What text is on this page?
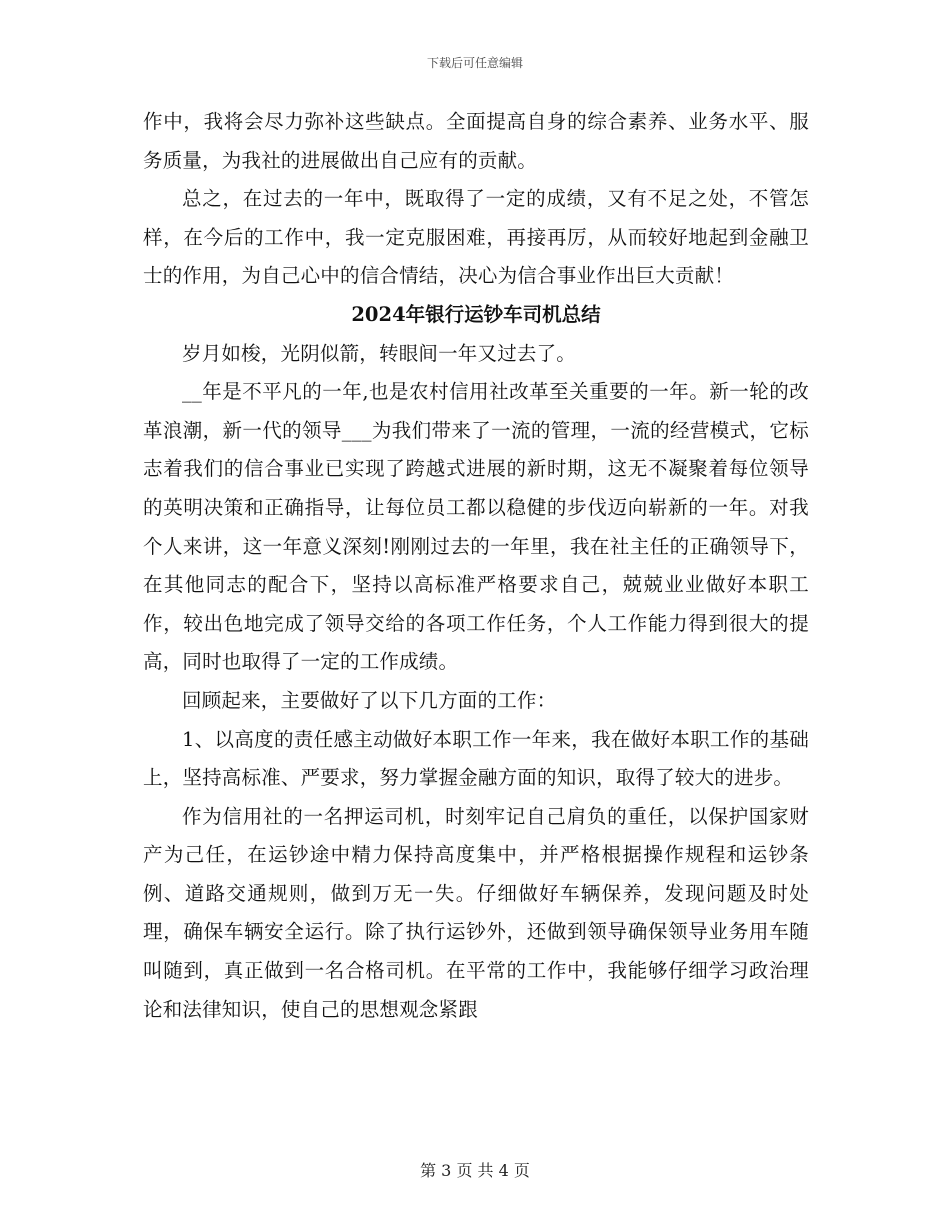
下载后可任意编辑

作中，我将会尽力弥补这些缺点。全面提高自身的综合素养、业务水平、服务质量，为我社的进展做出自己应有的贡献。

总之，在过去的一年中，既取得了一定的成绩，又有不足之处，不管怎样，在今后的工作中，我一定克服困难，再接再厉，从而较好地起到金融卫士的作用，为自己心中的信合情结，决心为信合事业作出巨大贡献！

2024年银行运钞车司机总结

岁月如梭，光阴似箭，转眼间一年又过去了。

__年是不平凡的一年,也是农村信用社改革至关重要的一年。新一轮的改革浪潮，新一代的领导___为我们带来了一流的管理，一流的经营模式，它标志着我们的信合事业已实现了跨越式进展的新时期，这无不凝聚着每位领导的英明决策和正确指导，让每位员工都以稳健的步伐迈向崭新的一年。对我个人来讲，这一年意义深刻!刚刚过去的一年里，我在社主任的正确领导下，在其他同志的配合下，坚持以高标准严格要求自己，兢兢业业做好本职工作，较出色地完成了领导交给的各项工作任务，个人工作能力得到很大的提高，同时也取得了一定的工作成绩。

回顾起来，主要做好了以下几方面的工作：

1、以高度的责任感主动做好本职工作一年来，我在做好本职工作的基础上，坚持高标准、严要求，努力掌握金融方面的知识，取得了较大的进步。

作为信用社的一名押运司机，时刻牢记自己肩负的重任，以保护国家财产为己任，在运钞途中精力保持高度集中，并严格根据操作规程和运钞条例、道路交通规则，做到万无一失。仔细做好车辆保养，发现问题及时处理，确保车辆安全运行。除了执行运钞外，还做到领导确保领导业务用车随叫随到，真正做到一名合格司机。在平常的工作中，我能够仔细学习政治理论和法律知识，使自己的思想观念紧跟

第 3 页 共 4 页
